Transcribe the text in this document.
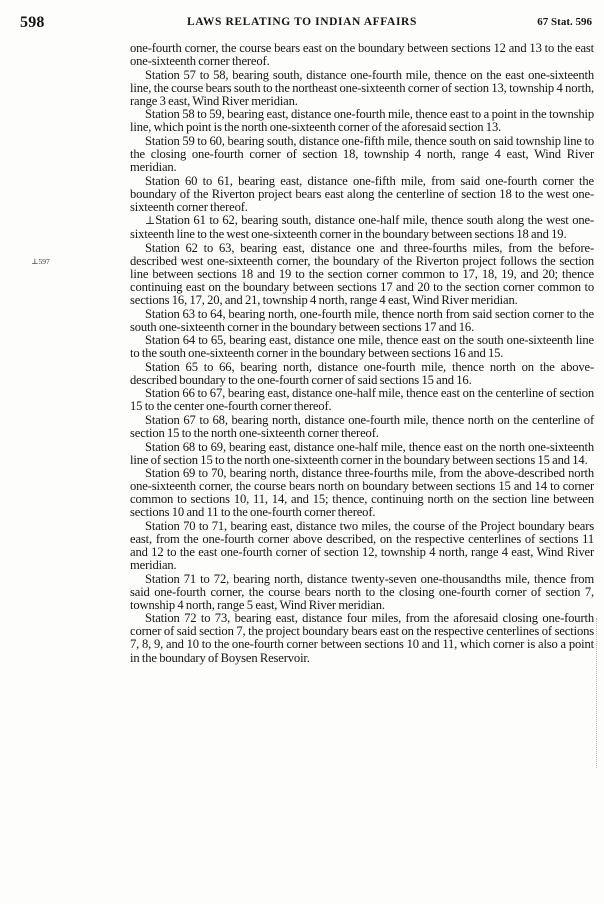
598	LAWS RELATING TO INDIAN AFFAIRS	67 Stat. 596
⊥597

one-fourth corner, the course bears east on the boundary between sections 12 and 13 to the east one-sixteenth corner thereof.

Station 57 to 58, bearing south, distance one-fourth mile, thence on the east one-sixteenth line, the course bears south to the northeast one-sixteenth corner of section 13, township 4 north, range 3 east, Wind River meridian.

Station 58 to 59, bearing east, distance one-fourth mile, thence east to a point in the township line, which point is the north one-sixteenth corner of the aforesaid section 13.

Station 59 to 60, bearing south, distance one-fifth mile, thence south on said township line to the closing one-fourth corner of section 18, township 4 north, range 4 east, Wind River meridian.

Station 60 to 61, bearing east, distance one-fifth mile, from said one-fourth corner the boundary of the Riverton project bears east along the centerline of section 18 to the west one-sixteenth corner thereof.

⊥Station 61 to 62, bearing south, distance one-half mile, thence south along the west one-sixteenth line to the west one-sixteenth corner in the boundary between sections 18 and 19.

Station 62 to 63, bearing east, distance one and three-fourths miles, from the before-described west one-sixteenth corner, the boundary of the Riverton project follows the section line between sections 18 and 19 to the section corner common to 17, 18, 19, and 20; thence continuing east on the boundary between sections 17 and 20 to the section corner common to sections 16, 17, 20, and 21, township 4 north, range 4 east, Wind River meridian.

Station 63 to 64, bearing north, one-fourth mile, thence north from said section corner to the south one-sixteenth corner in the boundary between sections 17 and 16.

Station 64 to 65, bearing east, distance one mile, thence east on the south one-sixteenth line to the south one-sixteenth corner in the boundary between sections 16 and 15.

Station 65 to 66, bearing north, distance one-fourth mile, thence north on the above-described boundary to the one-fourth corner of said sections 15 and 16.

Station 66 to 67, bearing east, distance one-half mile, thence east on the centerline of section 15 to the center one-fourth corner thereof.

Station 67 to 68, bearing north, distance one-fourth mile, thence north on the centerline of section 15 to the north one-sixteenth corner thereof.

Station 68 to 69, bearing east, distance one-half mile, thence east on the north one-sixteenth line of section 15 to the north one-sixteenth corner in the boundary between sections 15 and 14.

Station 69 to 70, bearing north, distance three-fourths mile, from the above-described north one-sixteenth corner, the course bears north on boundary between sections 15 and 14 to corner common to sections 10, 11, 14, and 15; thence, continuing north on the section line between sections 10 and 11 to the one-fourth corner thereof.

Station 70 to 71, bearing east, distance two miles, the course of the Project boundary bears east, from the one-fourth corner above described, on the respective centerlines of sections 11 and 12 to the east one-fourth corner of section 12, township 4 north, range 4 east, Wind River meridian.

Station 71 to 72, bearing north, distance twenty-seven one-thousandths mile, thence from said one-fourth corner, the course bears north to the closing one-fourth corner of section 7, township 4 north, range 5 east, Wind River meridian.

Station 72 to 73, bearing east, distance four miles, from the aforesaid closing one-fourth corner of said section 7, the project boundary bears east on the respective centerlines of sections 7, 8, 9, and 10 to the one-fourth corner between sections 10 and 11, which corner is also a point in the boundary of Boysen Reservoir.
